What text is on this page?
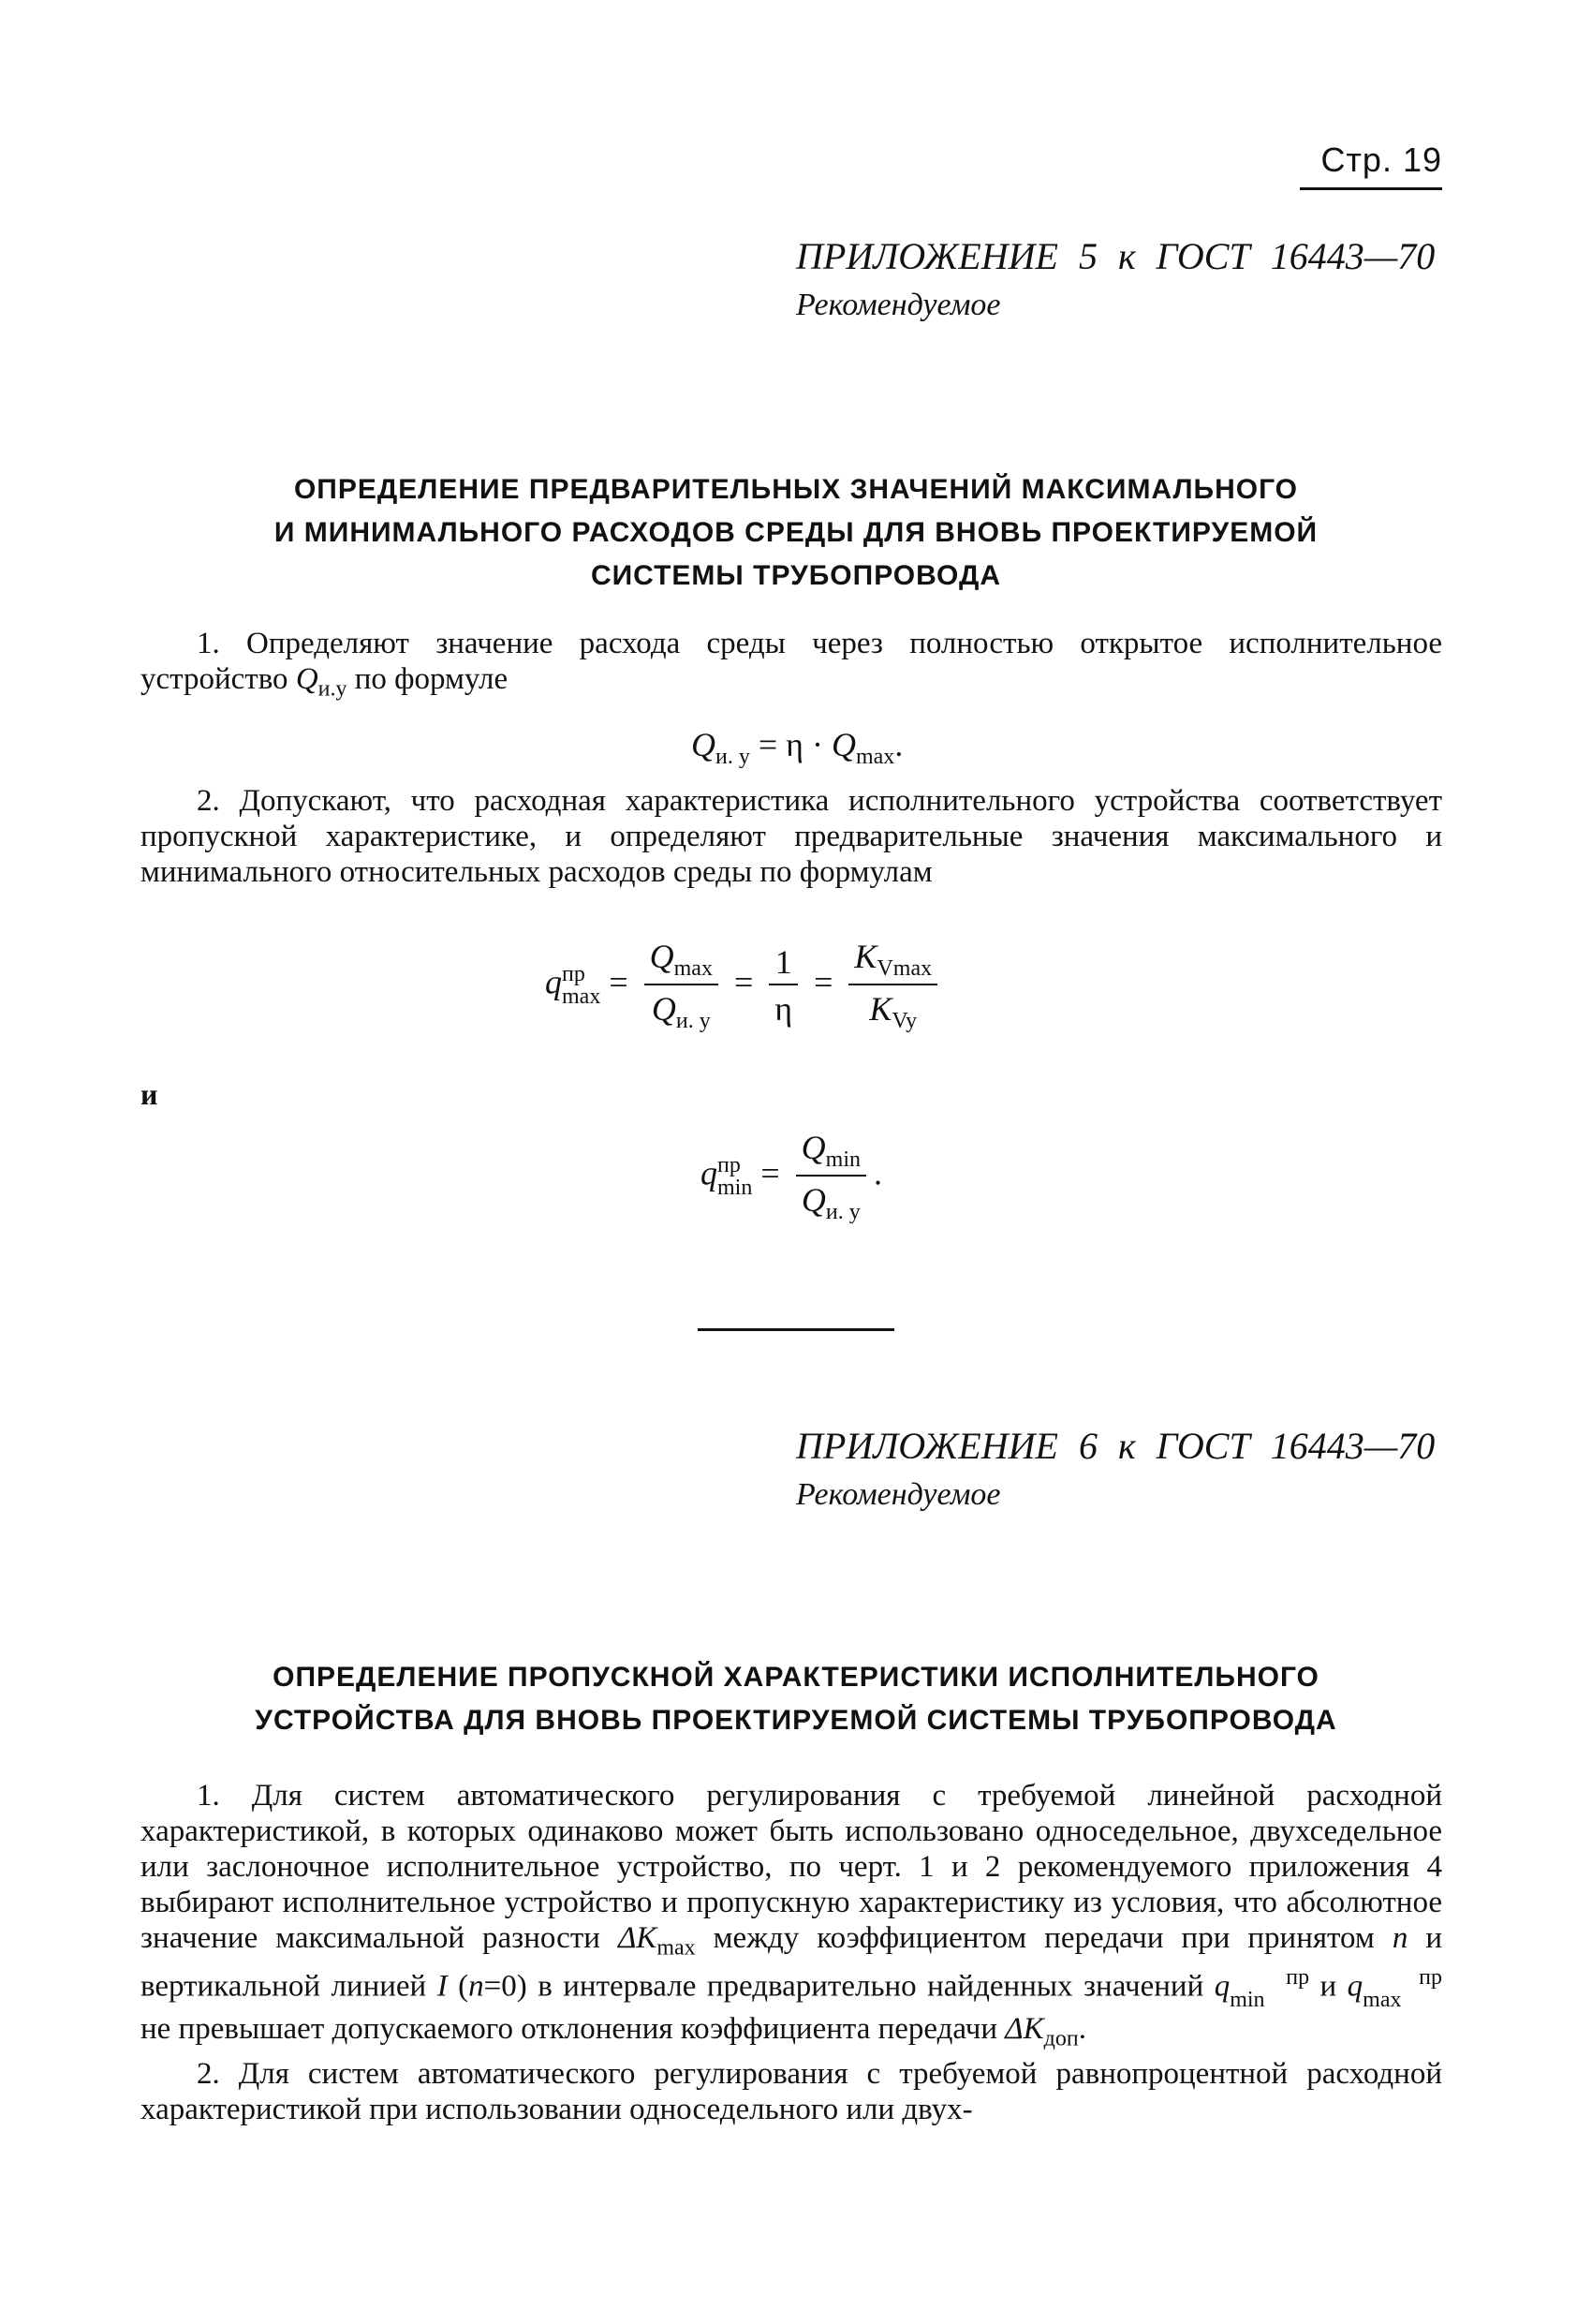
Стр. 19
ПРИЛОЖЕНИЕ 5 к ГОСТ 16443—70
Рекомендуемое
ОПРЕДЕЛЕНИЕ ПРЕДВАРИТЕЛЬНЫХ ЗНАЧЕНИЙ МАКСИМАЛЬНОГО
И МИНИМАЛЬНОГО РАСХОДОВ СРЕДЫ ДЛЯ ВНОВЬ ПРОЕКТИРУЕМОЙ
СИСТЕМЫ ТРУБОПРОВОДА

1. Определяют значение расхода среды через полностью открытое исполнительное устройство $Q_{и.у}$ по формуле

$Q_{и. у} = \eta \cdot Q_{max}$.

2. Допускают, что расходная характеристика исполнительного устройства соответствует пропускной характеристике, и определяют предварительные значения максимального и минимального относительных расходов среды по формулам

qпр
$\max = \frac{Q_{max}}{Q_{и. у}} = \frac{1}{\eta} = \frac{K_{Vmax}}{K_{Vy}}$
и
qпр
$\min = \frac{Q_{min}}{Q_{и. у}}$ .
ПРИЛОЖЕНИЕ 6 к ГОСТ 16443—70
Рекомендуемое
ОПРЕДЕЛЕНИЕ ПРОПУСКНОЙ ХАРАКТЕРИСТИКИ ИСПОЛНИТЕЛЬНОГО
УСТРОЙСТВА ДЛЯ ВНОВЬ ПРОЕКТИРУЕМОЙ СИСТЕМЫ ТРУБОПРОВОДА

1. Для систем автоматического регулирования с требуемой линейной расходной характеристикой, в которых одинаково может быть использовано односедельное, двухседельное или заслоночное исполнительное устройство, по черт. 1 и 2 рекомендуемого приложения 4 выбирают исполнительное устройство и пропускную характеристику из условия, что абсолютное значение максимальной разности $\Delta K_{max}$ между коэффициентом передачи при принятом n и вертикальной линией I (n=0) в интервале предварительно найденных значений q	пр
min и q	пр
max не превышает допускаемого отклонения коэффициента передачи $\Delta K_{доп}$.

2. Для систем автоматического регулирования с требуемой равнопроцентной расходной характеристикой при использовании односедельного или двух-
